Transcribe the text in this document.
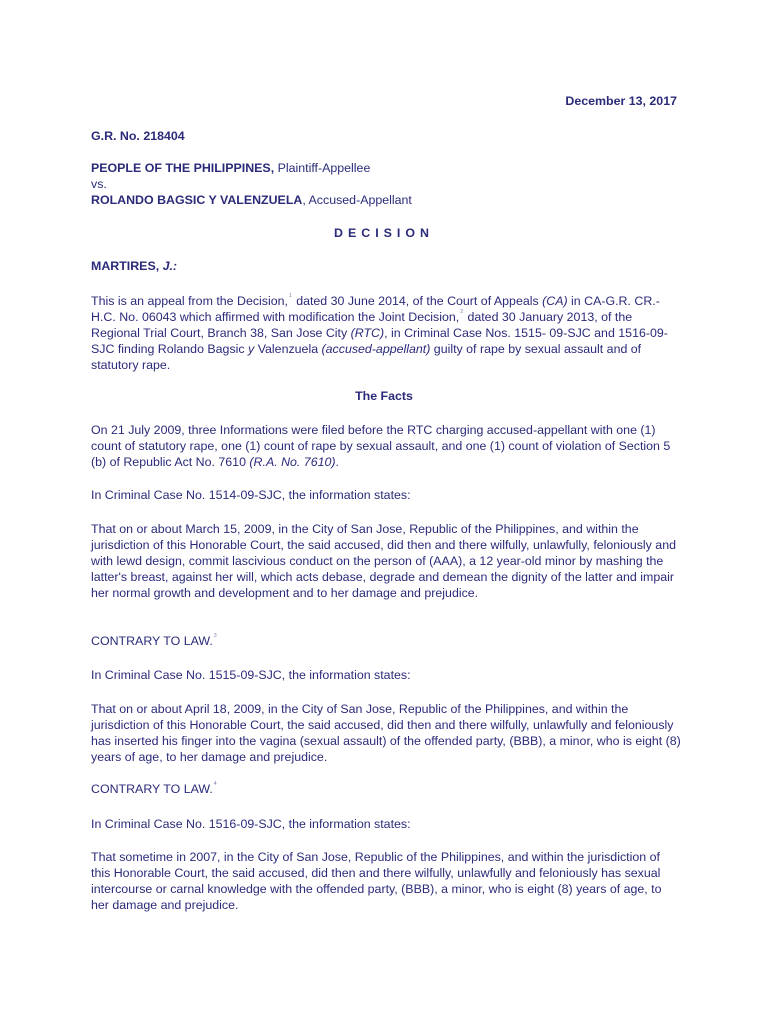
December 13, 2017

G.R. No. 218404

PEOPLE OF THE PHILIPPINES, Plaintiff-Appellee
vs.
ROLANDO BAGSIC Y VALENZUELA, Accused-Appellant

DECISION

MARTIRES, J.:

This is an appeal from the Decision,$^1$ dated 30 June 2014, of the Court of Appeals (CA) in CA-G.R. CR.-H.C. No. 06043 which affirmed with modification the Joint Decision,$^2$ dated 30 January 2013, of the Regional Trial Court, Branch 38, San Jose City (RTC), in Criminal Case Nos. 1515- 09-SJC and 1516-09-SJC finding Rolando Bagsic y Valenzuela (accused-appellant) guilty of rape by sexual assault and of statutory rape.

The Facts

On 21 July 2009, three Informations were filed before the RTC charging accused-appellant with one (1) count of statutory rape, one (1) count of rape by sexual assault, and one (1) count of violation of Section 5 (b) of Republic Act No. 7610 (R.A. No. 7610).

In Criminal Case No. 1514-09-SJC, the information states:

That on or about March 15, 2009, in the City of San Jose, Republic of the Philippines, and within the jurisdiction of this Honorable Court, the said accused, did then and there wilfully, unlawfully, feloniously and with lewd design, commit lascivious conduct on the person of (AAA), a 12 year-old minor by mashing the latter's breast, against her will, which acts debase, degrade and demean the dignity of the latter and impair her normal growth and development and to her damage and prejudice.

CONTRARY TO LAW.$^3$

In Criminal Case No. 1515-09-SJC, the information states:

That on or about April 18, 2009, in the City of San Jose, Republic of the Philippines, and within the jurisdiction of this Honorable Court, the said accused, did then and there wilfully, unlawfully and feloniously has inserted his finger into the vagina (sexual assault) of the offended party, (BBB), a minor, who is eight (8) years of age, to her damage and prejudice.

CONTRARY TO LAW.$^4$

In Criminal Case No. 1516-09-SJC, the information states:

That sometime in 2007, in the City of San Jose, Republic of the Philippines, and within the jurisdiction of this Honorable Court, the said accused, did then and there wilfully, unlawfully and feloniously has sexual intercourse or carnal knowledge with the offended party, (BBB), a minor, who is eight (8) years of age, to her damage and prejudice.
